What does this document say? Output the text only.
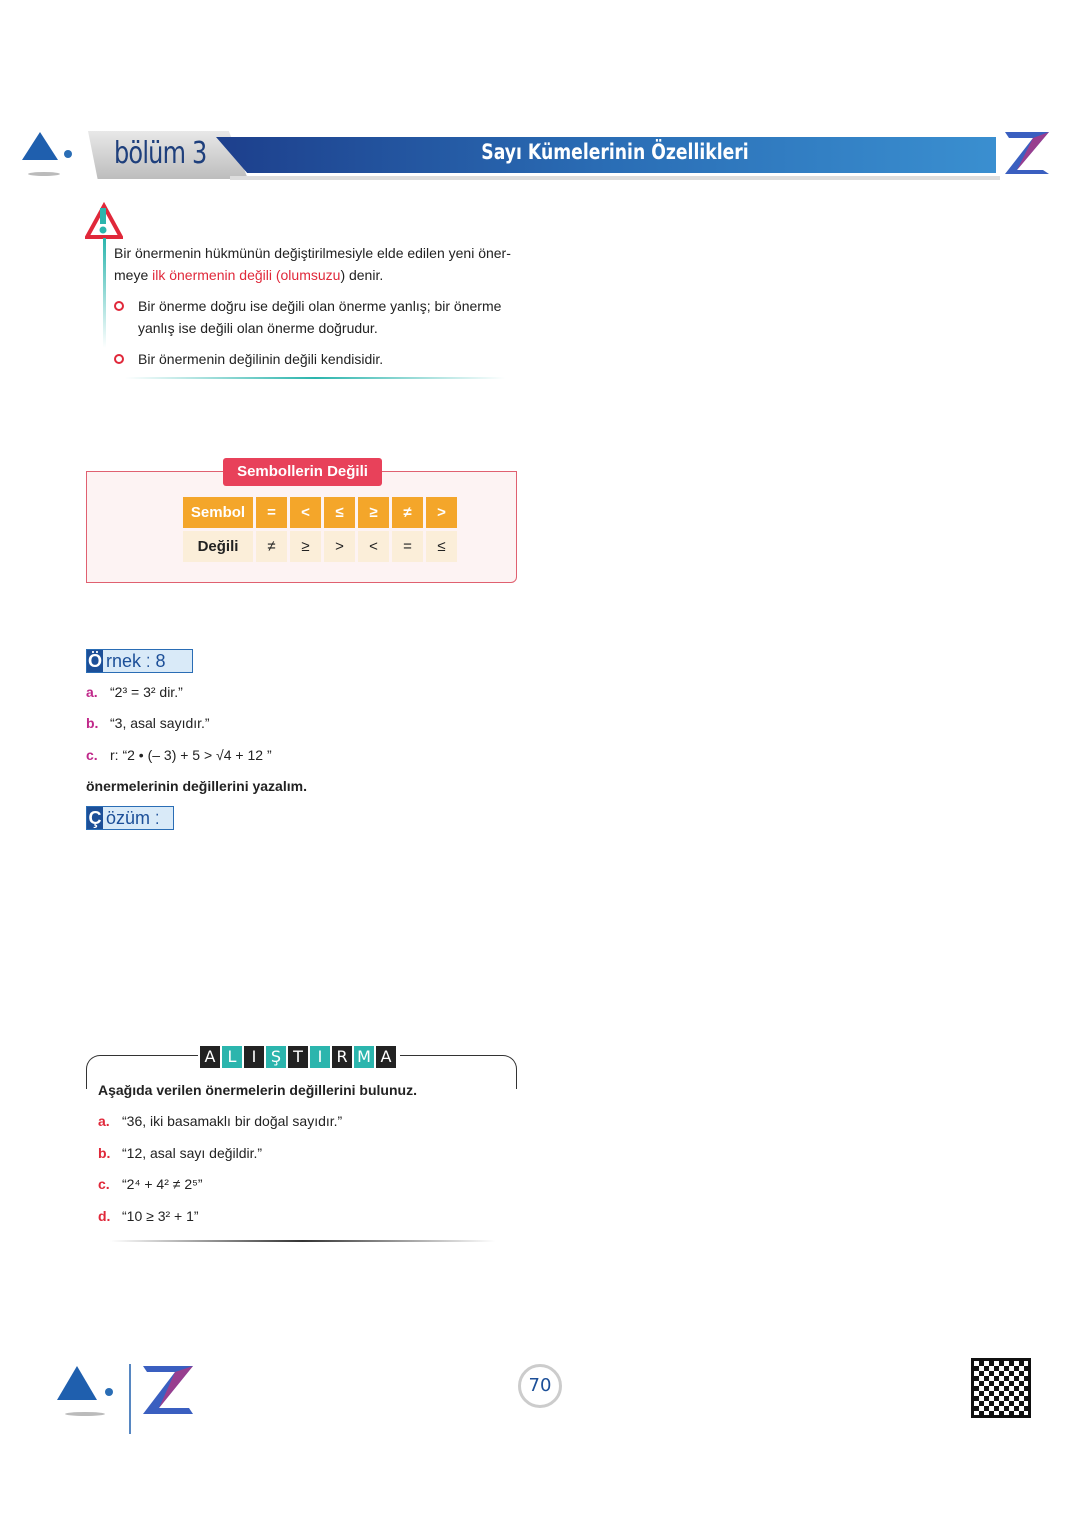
bölüm 3	Sayı Kümelerinin Özellikleri
Bir önermenin hükmünün değiştirilmesiyle elde edilen yeni öner-meye ilk önermenin değili (olumsuzu) denir.
Bir önerme doğru ise değili olan önerme yanlış; bir önerme yanlış ise değili olan önerme doğrudur.
Bir önermenin değilinin değili kendisidir.
Sembollerin Değili
Sembol	=	<	≤	≥	≠	>
Değili	≠	≥	>	<	=	≤
Ö rnek ⁚ 8
a. “2³ = 3² dir.”
b. “3, asal sayıdır.”
c. r: “2 • (– 3) + 5 > √4 + 12 ”
önermelerinin değillerini yazalım.
Ç özüm ⁚
A L I Ş T I R M A
Aşağıda verilen önermelerin değillerini bulunuz.
a. “36, iki basamaklı bir doğal sayıdır.”
b. “12, asal sayı değildir.”
c. “2⁴ + 4² ≠ 2⁵”
d. “10 ≥ 3² + 1”
70
